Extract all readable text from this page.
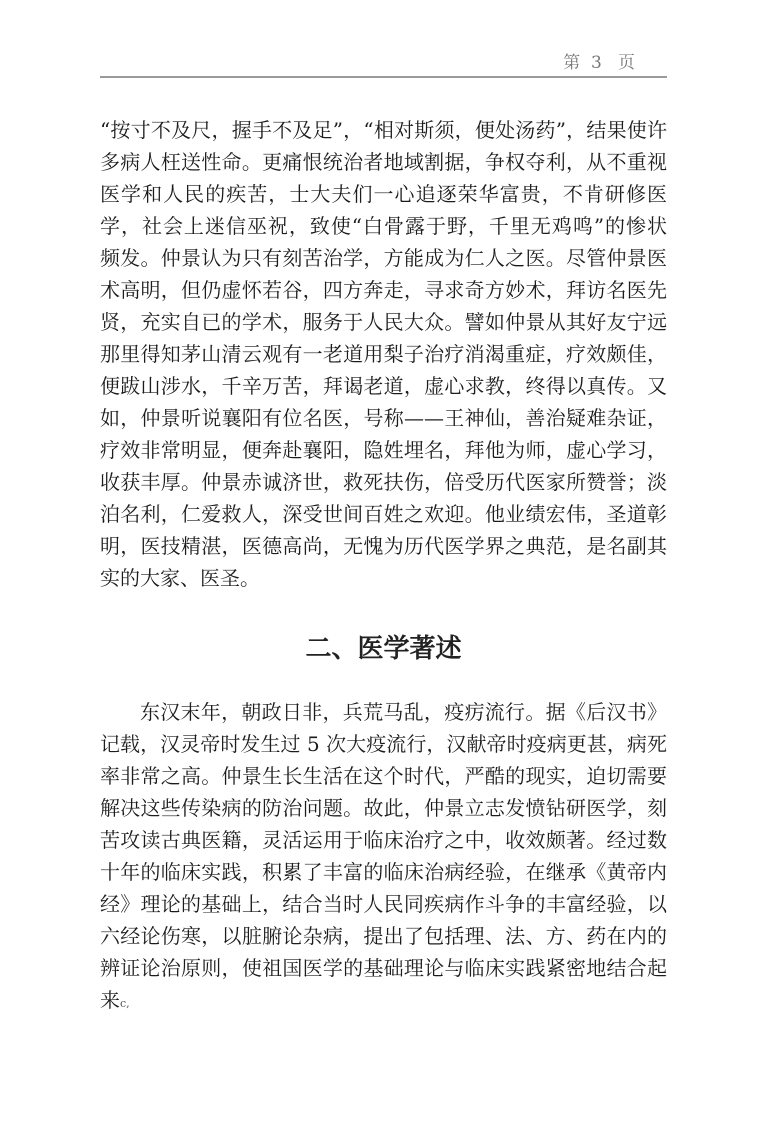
第  3   页
“按寸不及尺，握手不及足”，“相对斯须，便处汤药”，结果使许
多病人枉送性命。更痛恨统治者地域割据，争权夺利，从不重视
医学和人民的疾苦，士大夫们一心追逐荣华富贵，不肯研修医
学，社会上迷信巫祝，致使“白骨露于野，千里无鸡鸣”的惨状
频发。仲景认为只有刻苦治学，方能成为仁人之医。尽管仲景医
术高明，但仍虚怀若谷，四方奔走，寻求奇方妙术，拜访名医先
贤，充实自已的学术，服务于人民大众。譬如仲景从其好友宁远
那里得知茅山清云观有一老道用梨子治疗消渴重症，疗效颇佳，
便跋山涉水，千辛万苦，拜谒老道，虚心求教，终得以真传。又
如，仲景听说襄阳有位名医，号称——王神仙，善治疑难杂证，
疗效非常明显，便奔赴襄阳，隐姓埋名，拜他为师，虚心学习，
收获丰厚。仲景赤诚济世，救死扶伤，倍受历代医家所赞誉；淡
泊名利，仁爱救人，深受世间百姓之欢迎。他业绩宏伟，圣道彰
明，医技精湛，医德高尚，无愧为历代医学界之典范，是名副其
实的大家、医圣。
二、医学著述
东汉末年，朝政日非，兵荒马乱，疫疠流行。据《后汉书》
记载，汉灵帝时发生过 5 次大疫流行，汉献帝时疫病更甚，病死
率非常之高。仲景生长生活在这个时代，严酷的现实，迫切需要
解决这些传染病的防治问题。故此，仲景立志发愤钻研医学，刻
苦攻读古典医籍，灵活运用于临床治疗之中，收效颇著。经过数
十年的临床实践，积累了丰富的临床治病经验，在继承《黄帝内
经》理论的基础上，结合当时人民同疾病作斗争的丰富经验，以
六经论伤寒，以脏腑论杂病，提出了包括理、法、方、药在内的
辨证论治原则，使祖国医学的基础理论与临床实践紧密地结合起
来c,
